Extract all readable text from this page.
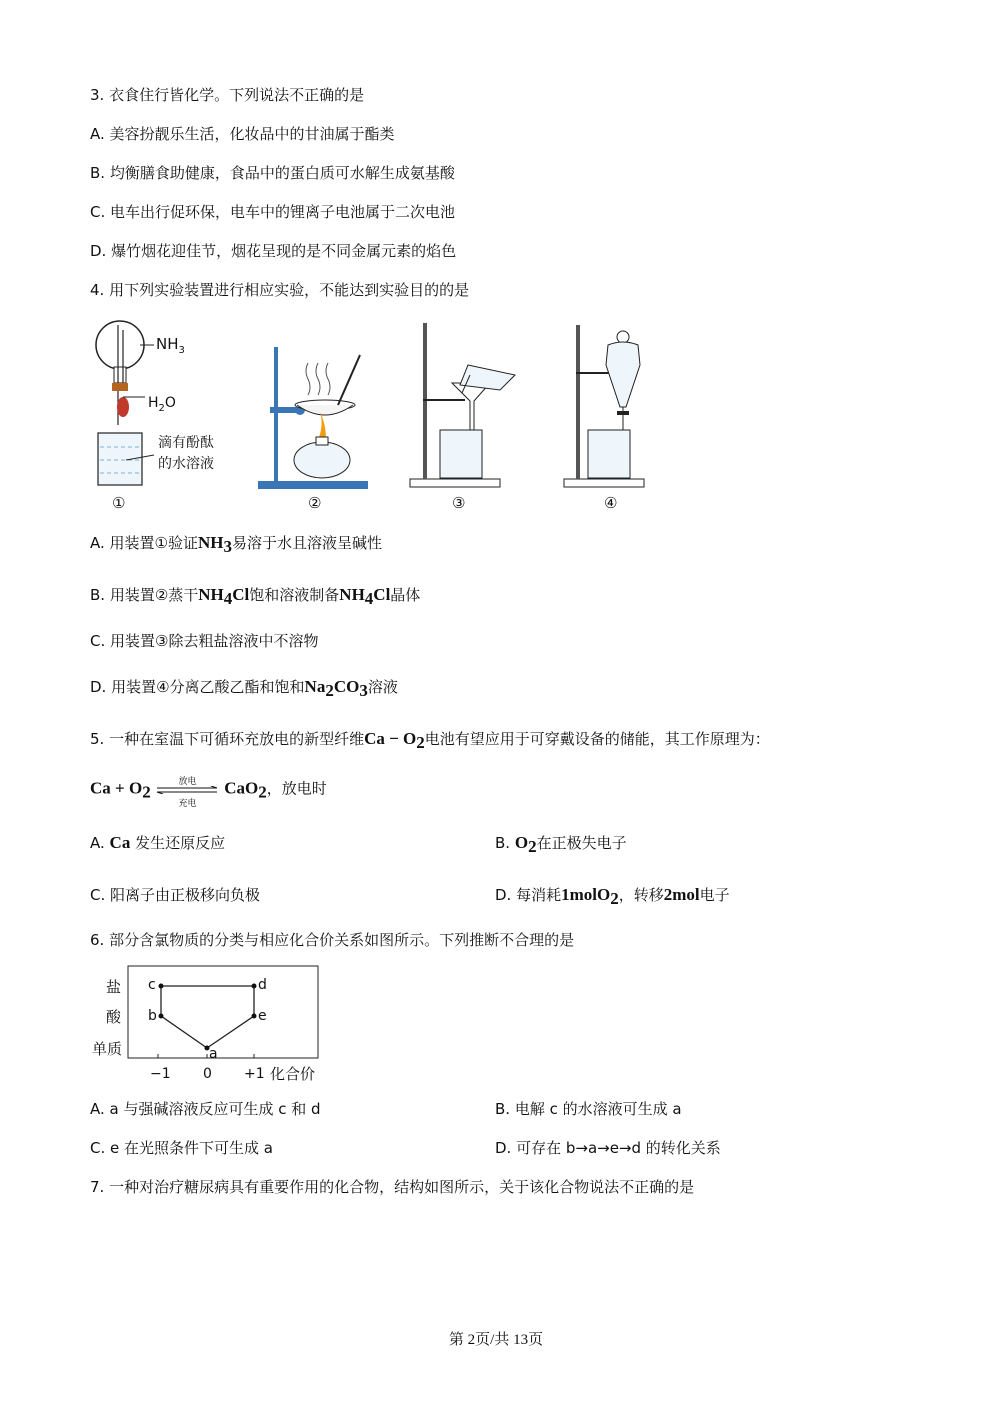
3. 衣食住行皆化学。下列说法不正确的是
A. 美容扮靓乐生活，化妆品中的甘油属于酯类
B. 均衡膳食助健康，食品中的蛋白质可水解生成氨基酸
C. 电车出行促环保，电车中的锂离子电池属于二次电池
D. 爆竹烟花迎佳节，烟花呈现的是不同金属元素的焰色
4. 用下列实验装置进行相应实验，不能达到实验目的的是
$NH_3$
$H_2O$
滴有酚酞
的水溶液
①	②	③	④
A. 用装置①验证$NH_3$易溶于水且溶液呈碱性
B. 用装置②蒸干$NH_4Cl$饱和溶液制备$NH_4Cl$晶体
C. 用装置③除去粗盐溶液中不溶物
D. 用装置④分离乙酸乙酯和饱和$Na_2CO_3$溶液
5. 一种在室温下可循环充放电的新型纤维$Ca - O_2$电池有望应用于可穿戴设备的储能，其工作原理为：
$Ca + O_2$
放电
充电
CaO$_2$，放电时
A. Ca 发生还原反应	B. $O_2$在正极失电子
C. 阳离子由正极移向负极	D. 每消耗1molO$_2$，转移2mol电子
6. 部分含氯物质的分类与相应化合价关系如图所示。下列推断不合理的是
盐
酸
单质
−1 0 +1 化合价
c	d
b	e
a
A. a 与强碱溶液反应可生成 c 和 d	B. 电解 c 的水溶液可生成 a
C. e 在光照条件下可生成 a	D. 可存在 b→a→e→d 的转化关系
7. 一种对治疗糖尿病具有重要作用的化合物，结构如图所示，关于该化合物说法不正确的是
第 2页/共 13页
